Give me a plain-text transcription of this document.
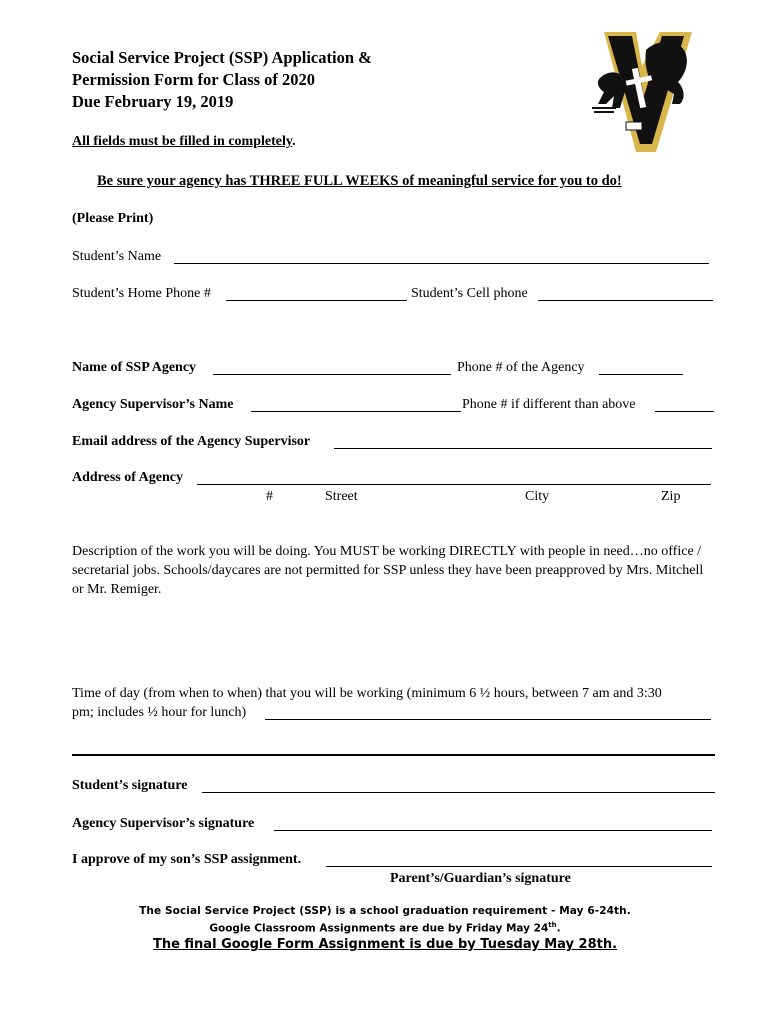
Social Service Project (SSP) Application &
Permission Form for Class of 2020
Due February 19, 2019
All fields must be filled in completely.
Be sure your agency has THREE FULL WEEKS of meaningful service for you to do!
(Please Print)
Student’s Name
Student’s Home Phone #	Student’s Cell phone
Name of SSP Agency	Phone # of the Agency
Agency Supervisor’s Name	Phone # if different than above
Email address of the Agency Supervisor
Address of Agency
#	Street	City	Zip
Description of the work you will be doing. You MUST be working DIRECTLY with people in need…no office / secretarial jobs. Schools/daycares are not permitted for SSP unless they have been preapproved by Mrs. Mitchell or Mr. Remiger.
Time of day (from when to when) that you will be working (minimum 6 ½ hours, between 7 am and 3:30
pm; includes ½ hour for lunch)
Student’s signature
Agency Supervisor’s signature
I approve of my son’s SSP assignment.
Parent’s/Guardian’s signature
The Social Service Project (SSP) is a school graduation requirement - May 6-24th.
Google Classroom Assignments are due by Friday May 24th.
The final Google Form Assignment is due by Tuesday May 28th.
